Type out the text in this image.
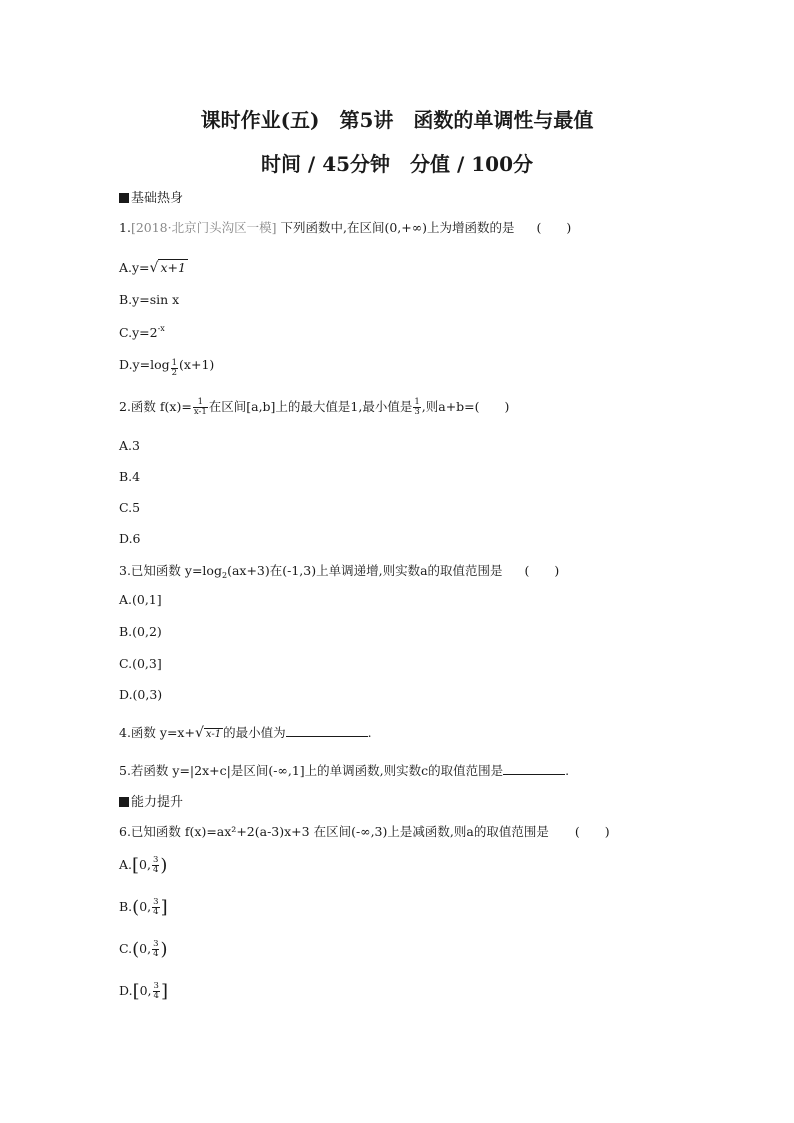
课时作业(五)　第5讲　函数的单调性与最值
时间 / 45分钟　分值 / 100分
基础热身
1.[2018·北京门头沟区一模] 下列函数中,在区间(0,+∞)上为增函数的是 (　　)
A.y=√ x+1
B.y=sin x
$C.y=2^{-x}$
$D.y=\log \frac{1}{2} (x+1)$
2.函数 $f(x)= \frac{1}{x-1}$ 在区间[a,b]上的最大值是1,最小值是 $\frac{1}{3}$ ,则a+b=(　　)
A.3
B.4
C.5
D.6
3.已知函数 $y=\log_2(ax+3)$在(-1,3)上单调递增,则实数a的取值范围是 (　　)
A.(0,1]
B.(0,2)
C.(0,3]
D.(0,3)
4.函数 y=x+√ x-1 的最小值为	.
5.若函数 y=|2x+c|是区间(-∞,1]上的单调函数,则实数c的取值范围是	.
能力提升
6.已知函数 f(x)=ax²+2(a-3)x+3 在区间(-∞,3)上是减函数,则a的取值范围是 (　　)
A.[0, $\frac{3}{4}$ )
B.(0, $\frac{3}{4}$ ]
C.(0, $\frac{3}{4}$ )
D.[0, $\frac{3}{4}$ ]
